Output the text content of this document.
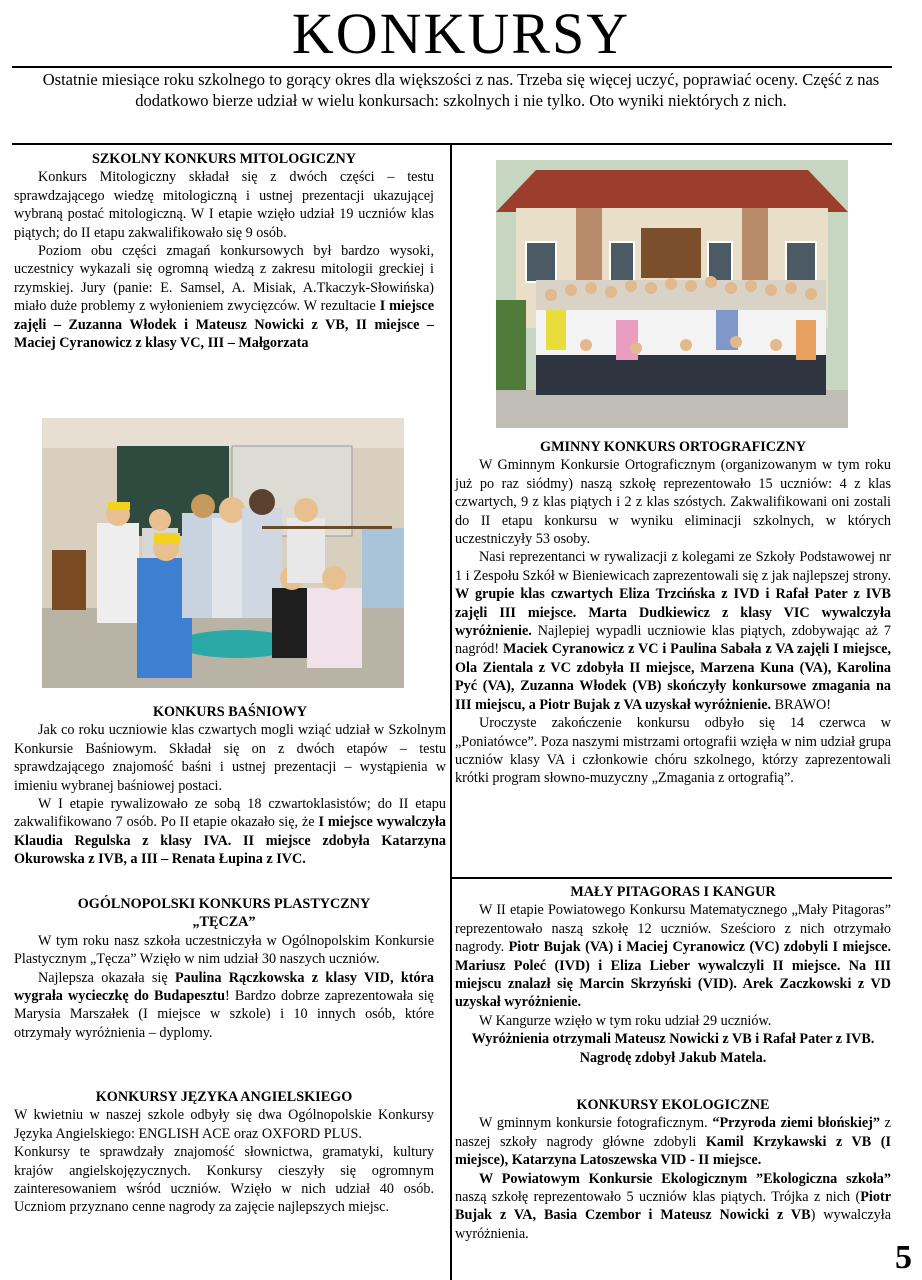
KONKURSY
Ostatnie miesiące roku szkolnego to gorący okres dla większości z nas. Trzeba się więcej uczyć, poprawiać oceny. Część z nas dodatkowo bierze udział w wielu konkursach: szkolnych i nie tylko. Oto wyniki niektórych z nich.

SZKOLNY KONKURS MITOLOGICZNY

Konkurs Mitologiczny składał się z dwóch części – testu sprawdzającego wiedzę mitologiczną i ustnej prezentacji ukazującej wybraną postać mitologiczną. W I etapie wzięło udział 19 uczniów klas piątych; do II etapu zakwalifikowało się 9 osób.

Poziom obu części zmagań konkursowych był bardzo wysoki, uczestnicy wykazali się ogromną wiedzą z zakresu mitologii greckiej i rzymskiej. Jury (panie: E. Samsel, A. Misiak, A.Tkaczyk-Słowińska) miało duże problemy z wyłonieniem zwycięzców. W rezultacie I miejsce zajęli – Zuzanna Włodek i Mateusz Nowicki z VB, II miejsce – Maciej Cyranowicz z klasy VC, III – Małgorzata

KONKURS BAŚNIOWY

Jak co roku uczniowie klas czwartych mogli wziąć udział w Szkolnym Konkursie Baśniowym. Składał się on z dwóch etapów – testu sprawdzającego znajomość baśni i ustnej prezentacji – wystąpienia w imieniu wybranej baśniowej postaci.

W I etapie rywalizowało ze sobą 18 czwartoklasistów; do II etapu zakwalifikowano 7 osób. Po II etapie okazało się, że I miejsce wywalczyła Klaudia Regulska z klasy IVA. II miejsce zdobyła Katarzyna Okurowska z IVB, a III – Renata Łupina z IVC.

OGÓLNOPOLSKI KONKURS PLASTYCZNY

„TĘCZA”

W tym roku nasz szkoła uczestniczyła w Ogólnopolskim Konkursie Plastycznym „Tęcza” Wzięło w nim udział 30 naszych uczniów.

Najlepsza okazała się Paulina Rączkowska z klasy VID, która wygrała wycieczkę do Budapesztu! Bardzo dobrze zaprezentowała się Marysia Marszałek (I miejsce w szkole) i 10 innych osób, które otrzymały wyróżnienia – dyplomy.

KONKURSY JĘZYKA ANGIELSKIEGO

W kwietniu w naszej szkole odbyły się dwa Ogólnopolskie Konkursy Języka Angielskiego: ENGLISH ACE oraz OXFORD PLUS.

Konkursy te sprawdzały znajomość słownictwa, gramatyki, kultury krajów angielskojęzycznych. Konkursy cieszyły się ogromnym zainteresowaniem wśród uczniów. Wzięło w nich udział 40 osób. Uczniom przyznano cenne nagrody za zajęcie najlepszych miejsc.

GMINNY KONKURS ORTOGRAFICZNY

W Gminnym Konkursie Ortograficznym (organizowanym w tym roku już po raz siódmy) naszą szkołę reprezentowało 15 uczniów: 4 z klas czwartych, 9 z klas piątych i 2 z klas szóstych. Zakwalifikowani oni zostali do II etapu konkursu w wyniku eliminacji szkolnych, w których uczestniczyły 53 osoby.

Nasi reprezentanci w rywalizacji z kolegami ze Szkoły Podstawowej nr 1 i Zespołu Szkół w Bieniewicach zaprezentowali się z jak najlepszej strony. W grupie klas czwartych Eliza Trzcińska z IVD i Rafał Pater z IVB zajęli III miejsce. Marta Dudkiewicz z klasy VIC wywalczyła wyróżnienie. Najlepiej wypadli uczniowie klas piątych, zdobywając aż 7 nagród! Maciek Cyranowicz z VC i Paulina Sabała z VA zajęli I miejsce, Ola Zientala z VC zdobyła II miejsce, Marzena Kuna (VA), Karolina Pyć (VA), Zuzanna Włodek (VB) skończyły konkursowe zmagania na III miejscu, a Piotr Bujak z VA uzyskał wyróżnienie. BRAWO!

Uroczyste zakończenie konkursu odbyło się 14 czerwca w „Poniatówce”. Poza naszymi mistrzami ortografii wzięła w nim udział grupa uczniów klasy VA i członkowie chóru szkolnego, którzy zaprezentowali krótki program słowno-muzyczny „Zmagania z ortografią”.

MAŁY PITAGORAS I KANGUR

W II etapie Powiatowego Konkursu Matematycznego „Mały Pitagoras” reprezentowało naszą szkołę 12 uczniów. Sześcioro z nich otrzymało nagrody. Piotr Bujak (VA) i Maciej Cyranowicz (VC) zdobyli I miejsce. Mariusz Poleć (IVD) i Eliza Lieber wywalczyli II miejsce. Na III miejscu znalazł się Marcin Skrzyński (VID). Arek Zaczkowski z VD uzyskał wyróżnienie.

W Kangurze wzięło w tym roku udział 29 uczniów.

Wyróżnienia otrzymali Mateusz Nowicki z VB i Rafał Pater z IVB. Nagrodę zdobył Jakub Matela.

KONKURSY EKOLOGICZNE

W gminnym konkursie fotograficznym. “Przyroda ziemi błońskiej” z naszej szkoły nagrody główne zdobyli Kamil Krzykawski z VB (I miejsce), Katarzyna Latoszewska VID - II miejsce.

W Powiatowym Konkursie Ekologicznym ”Ekologiczna szkoła” naszą szkołę reprezentowało 5 uczniów klas piątych. Trójka z nich (Piotr Bujak z VA, Basia Czembor i Mateusz Nowicki z VB) wywalczyła wyróżnienia.

5
